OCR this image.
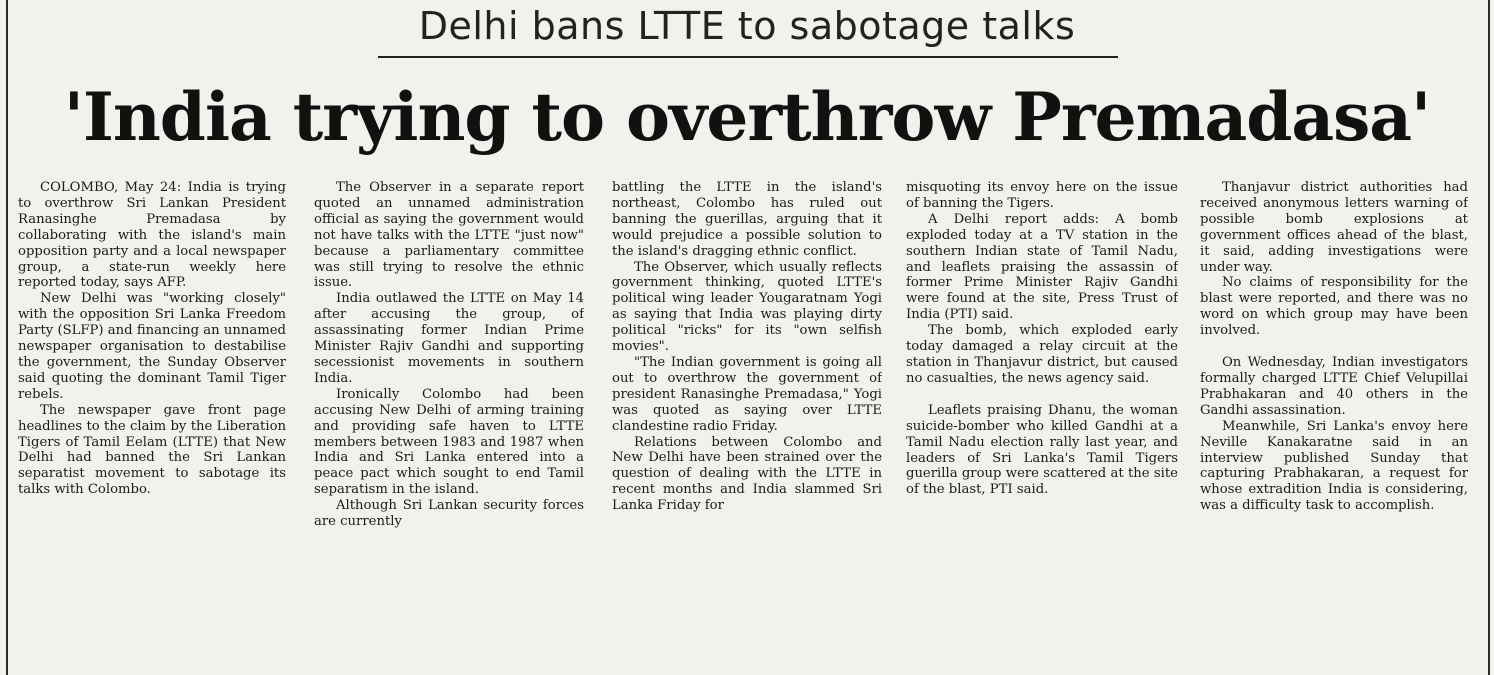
Delhi bans LTTE to sabotage talks
'India trying to overthrow Premadasa'

COLOMBO, May 24: India is trying to overthrow Sri Lankan President Ranasinghe Premadasa by collaborating with the island's main opposition party and a local newspaper group, a state-run weekly here reported today, says AFP.

New Delhi was "working closely" with the opposition Sri Lanka Freedom Party (SLFP) and financing an unnamed newspaper organisation to destabilise the government, the Sunday Observer said quoting the dominant Tamil Tiger rebels.

The newspaper gave front page headlines to the claim by the Liberation Tigers of Tamil Eelam (LTTE) that New Delhi had banned the Sri Lankan separatist movement to sabotage its talks with Colombo.

The Observer in a separate report quoted an unnamed administration official as saying the government would not have talks with the LTTE "just now" because a parliamentary committee was still trying to resolve the ethnic issue.

India outlawed the LTTE on May 14 after accusing the group, of assassinating former Indian Prime Minister Rajiv Gandhi and supporting secessionist movements in southern India.

Ironically Colombo had been accusing New Delhi of arming training and providing safe haven to LTTE members between 1983 and 1987 when India and Sri Lanka entered into a peace pact which sought to end Tamil separatism in the island.

Although Sri Lankan security forces are currently

battling the LTTE in the island's northeast, Colombo has ruled out banning the guerillas, arguing that it would prejudice a possible solution to the island's dragging ethnic conflict.

The Observer, which usually reflects government thinking, quoted LTTE's political wing leader Yougaratnam Yogi as saying that India was playing dirty political "ricks" for its "own selfish movies".

"The Indian government is going all out to overthrow the government of president Ranasinghe Premadasa," Yogi was quoted as saying over LTTE clandestine radio Friday.

Relations between Colombo and New Delhi have been strained over the question of dealing with the LTTE in recent months and India slammed Sri Lanka Friday for

misquoting its envoy here on the issue of banning the Tigers.

A Delhi report adds: A bomb exploded today at a TV station in the southern Indian state of Tamil Nadu, and leaflets praising the assassin of former Prime Minister Rajiv Gandhi were found at the site, Press Trust of India (PTI) said.

The bomb, which exploded early today damaged a relay circuit at the station in Thanjavur district, but caused no casualties, the news agency said.

Leaflets praising Dhanu, the woman suicide-bomber who killed Gandhi at a Tamil Nadu election rally last year, and leaders of Sri Lanka's Tamil Tigers guerilla group were scattered at the site of the blast, PTI said.

Thanjavur district authorities had received anonymous letters warning of possible bomb explosions at government offices ahead of the blast, it said, adding investigations were under way.

No claims of responsibility for the blast were reported, and there was no word on which group may have been involved.

On Wednesday, Indian investigators formally charged LTTE Chief Velupillai Prabhakaran and 40 others in the Gandhi assassination.

Meanwhile, Sri Lanka's envoy here Neville Kanakaratne said in an interview published Sunday that capturing Prabhakaran, a request for whose extradition India is considering, was a difficulty task to accomplish.
